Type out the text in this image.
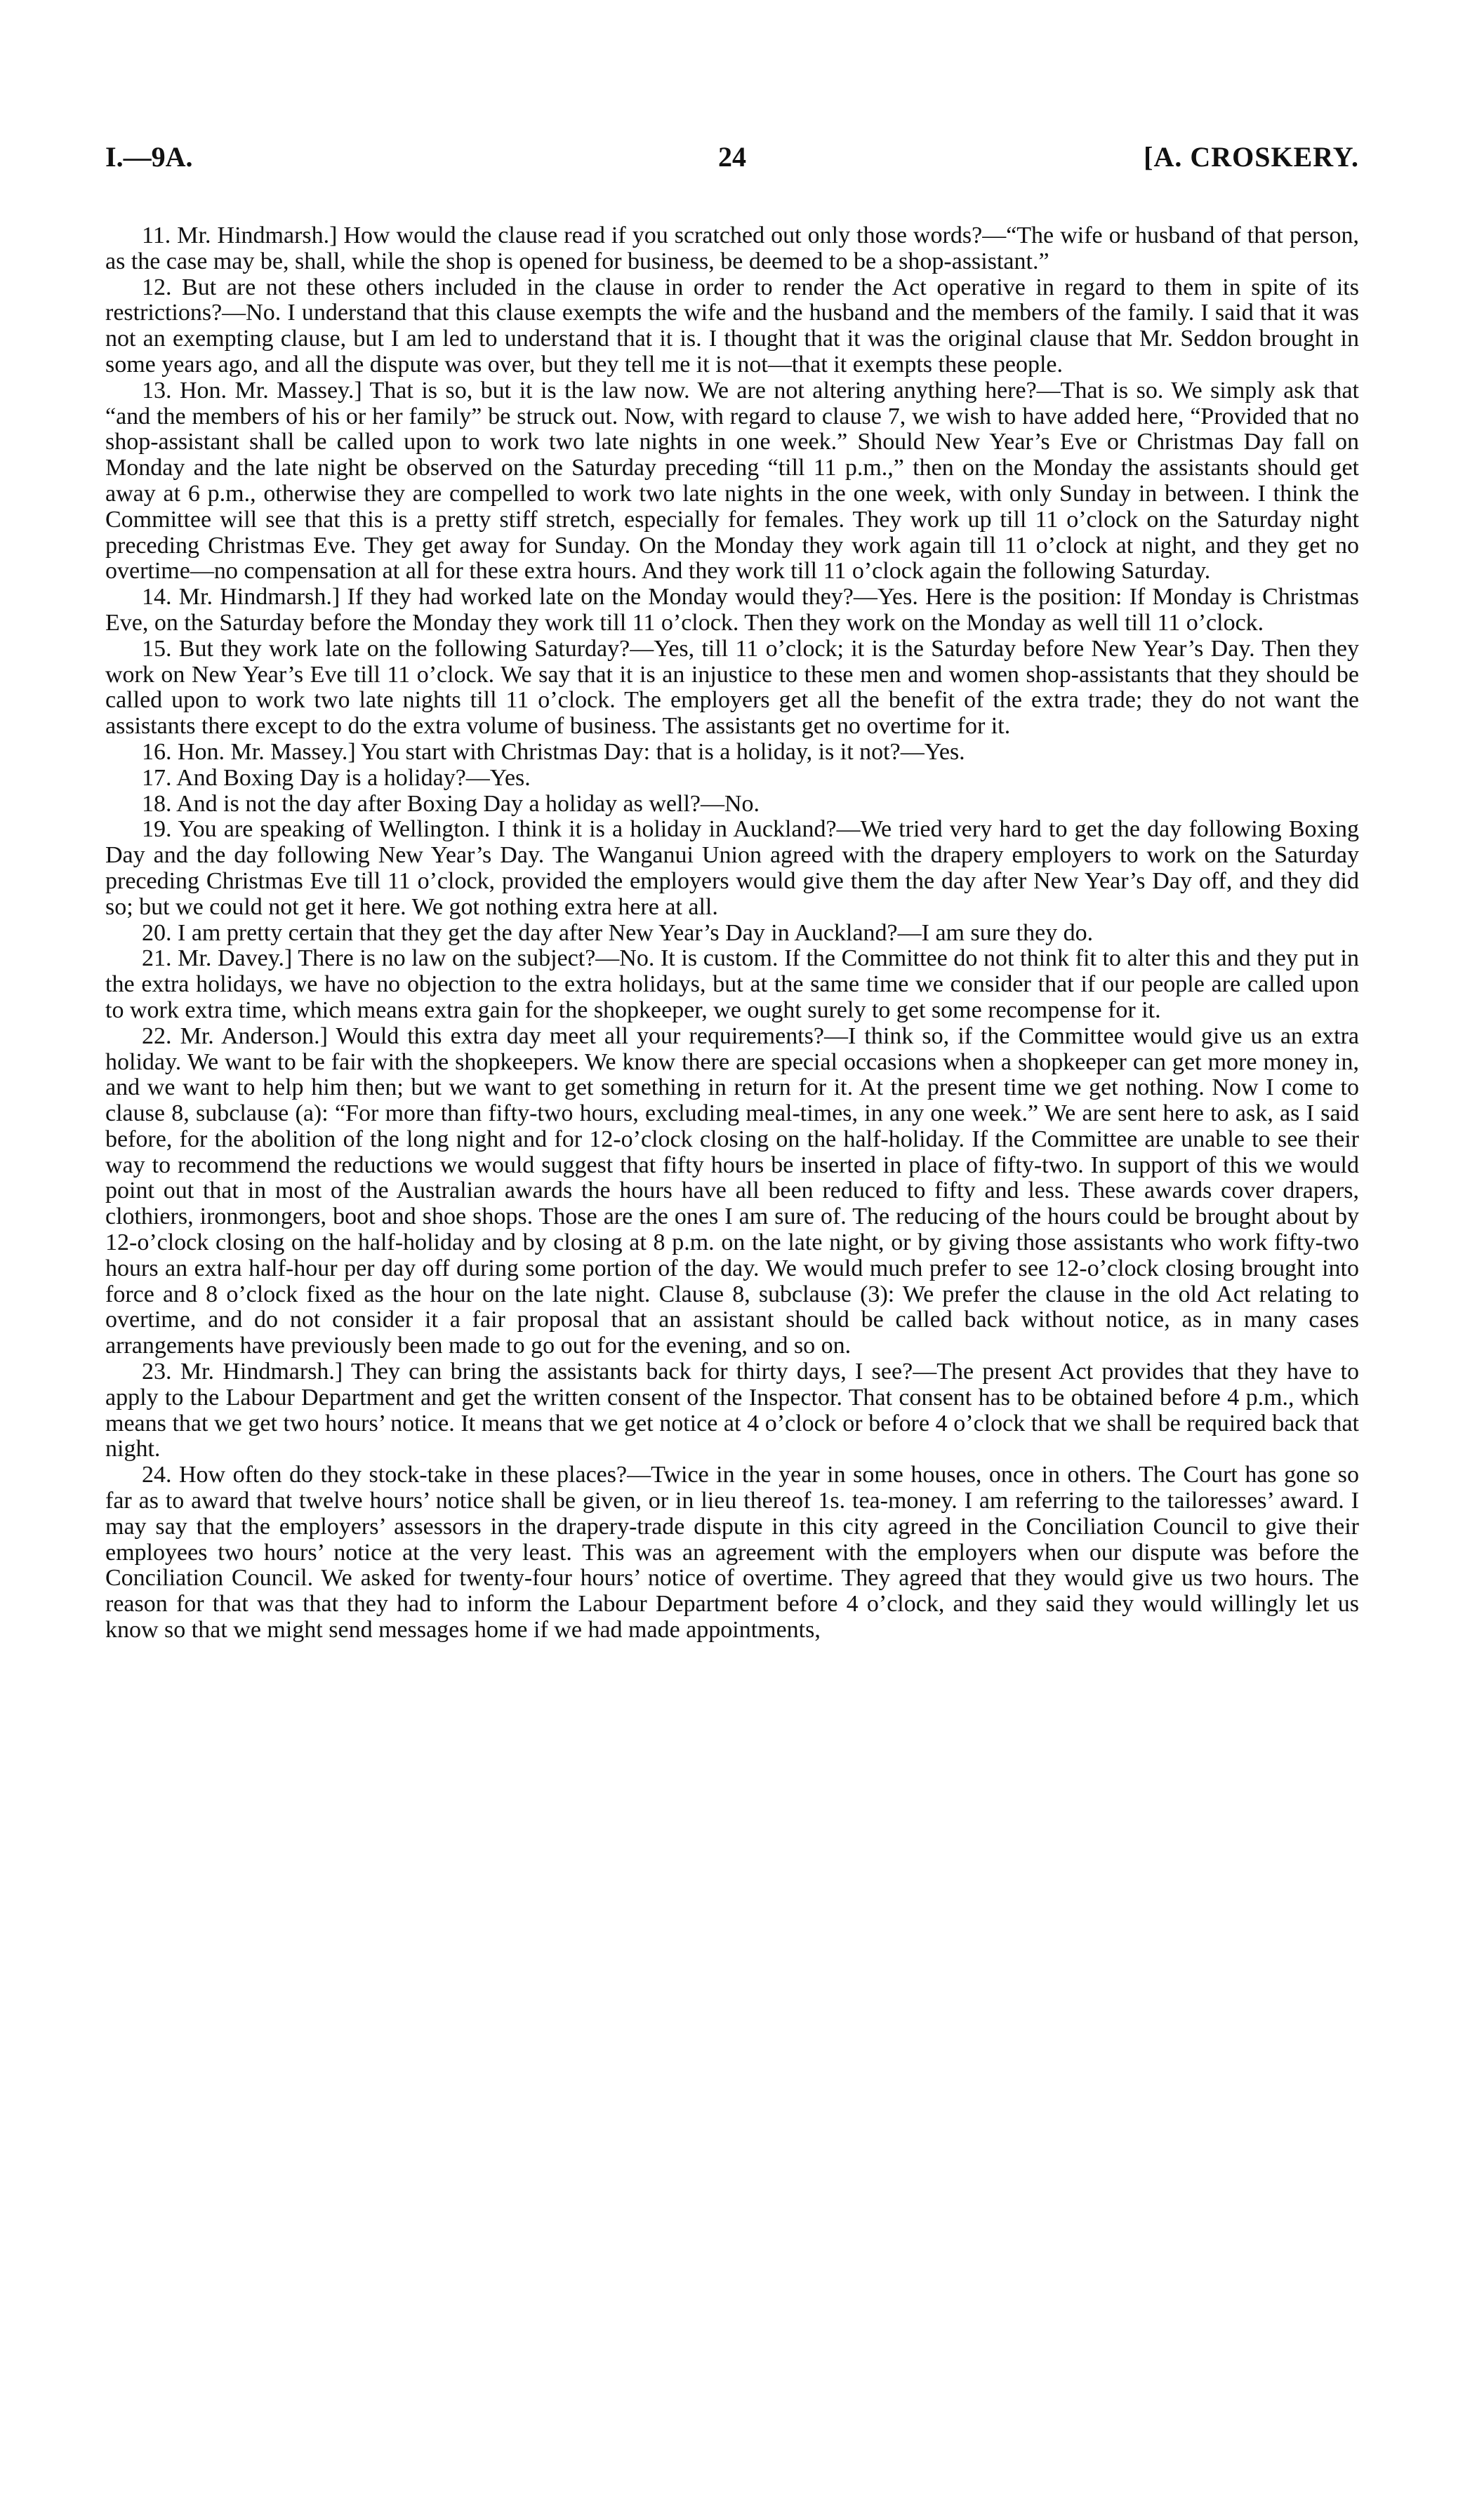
I.—9A.	24	[A. CROSKERY.

11. Mr. Hindmarsh.] How would the clause read if you scratched out only those words?—“The wife or husband of that person, as the case may be, shall, while the shop is opened for business, be deemed to be a shop-assistant.”

12. But are not these others included in the clause in order to render the Act operative in regard to them in spite of its restrictions?—No. I understand that this clause exempts the wife and the husband and the members of the family. I said that it was not an exempting clause, but I am led to understand that it is. I thought that it was the original clause that Mr. Seddon brought in some years ago, and all the dispute was over, but they tell me it is not—that it exempts these people.

13. Hon. Mr. Massey.] That is so, but it is the law now. We are not altering anything here?—That is so. We simply ask that “and the members of his or her family” be struck out. Now, with regard to clause 7, we wish to have added here, “Provided that no shop-assistant shall be called upon to work two late nights in one week.” Should New Year’s Eve or Christmas Day fall on Monday and the late night be observed on the Saturday preceding “till 11 p.m.,” then on the Monday the assistants should get away at 6 p.m., otherwise they are compelled to work two late nights in the one week, with only Sunday in between. I think the Committee will see that this is a pretty stiff stretch, especially for females. They work up till 11 o’clock on the Saturday night preceding Christmas Eve. They get away for Sunday. On the Monday they work again till 11 o’clock at night, and they get no overtime—no compensation at all for these extra hours. And they work till 11 o’clock again the following Saturday.

14. Mr. Hindmarsh.] If they had worked late on the Monday would they?—Yes. Here is the position: If Monday is Christmas Eve, on the Saturday before the Monday they work till 11 o’clock. Then they work on the Monday as well till 11 o’clock.

15. But they work late on the following Saturday?—Yes, till 11 o’clock; it is the Saturday before New Year’s Day. Then they work on New Year’s Eve till 11 o’clock. We say that it is an injustice to these men and women shop-assistants that they should be called upon to work two late nights till 11 o’clock. The employers get all the benefit of the extra trade; they do not want the assistants there except to do the extra volume of business. The assistants get no overtime for it.

16. Hon. Mr. Massey.] You start with Christmas Day: that is a holiday, is it not?—Yes.

17. And Boxing Day is a holiday?—Yes.

18. And is not the day after Boxing Day a holiday as well?—No.

19. You are speaking of Wellington. I think it is a holiday in Auckland?—We tried very hard to get the day following Boxing Day and the day following New Year’s Day. The Wanganui Union agreed with the drapery employers to work on the Saturday preceding Christmas Eve till 11 o’clock, provided the employers would give them the day after New Year’s Day off, and they did so; but we could not get it here. We got nothing extra here at all.

20. I am pretty certain that they get the day after New Year’s Day in Auckland?—I am sure they do.

21. Mr. Davey.] There is no law on the subject?—No. It is custom. If the Committee do not think fit to alter this and they put in the extra holidays, we have no objection to the extra holidays, but at the same time we consider that if our people are called upon to work extra time, which means extra gain for the shopkeeper, we ought surely to get some recompense for it.

22. Mr. Anderson.] Would this extra day meet all your requirements?—I think so, if the Committee would give us an extra holiday. We want to be fair with the shopkeepers. We know there are special occasions when a shopkeeper can get more money in, and we want to help him then; but we want to get something in return for it. At the present time we get nothing. Now I come to clause 8, subclause (a): “For more than fifty-two hours, excluding meal-times, in any one week.” We are sent here to ask, as I said before, for the abolition of the long night and for 12-o’clock closing on the half-holiday. If the Committee are unable to see their way to recommend the reductions we would suggest that fifty hours be inserted in place of fifty-two. In support of this we would point out that in most of the Australian awards the hours have all been reduced to fifty and less. These awards cover drapers, clothiers, ironmongers, boot and shoe shops. Those are the ones I am sure of. The reducing of the hours could be brought about by 12-o’clock closing on the half-holiday and by closing at 8 p.m. on the late night, or by giving those assistants who work fifty-two hours an extra half-hour per day off during some portion of the day. We would much prefer to see 12-o’clock closing brought into force and 8 o’clock fixed as the hour on the late night. Clause 8, subclause (3): We prefer the clause in the old Act relating to overtime, and do not consider it a fair proposal that an assistant should be called back without notice, as in many cases arrangements have previously been made to go out for the evening, and so on.

23. Mr. Hindmarsh.] They can bring the assistants back for thirty days, I see?—The present Act provides that they have to apply to the Labour Department and get the written consent of the Inspector. That consent has to be obtained before 4 p.m., which means that we get two hours’ notice. It means that we get notice at 4 o’clock or before 4 o’clock that we shall be required back that night.

24. How often do they stock-take in these places?—Twice in the year in some houses, once in others. The Court has gone so far as to award that twelve hours’ notice shall be given, or in lieu thereof 1s. tea-money. I am referring to the tailoresses’ award. I may say that the employers’ assessors in the drapery-trade dispute in this city agreed in the Conciliation Council to give their employees two hours’ notice at the very least. This was an agreement with the employers when our dispute was before the Conciliation Council. We asked for twenty-four hours’ notice of overtime. They agreed that they would give us two hours. The reason for that was that they had to inform the Labour Department before 4 o’clock, and they said they would willingly let us know so that we might send messages home if we had made appointments,
